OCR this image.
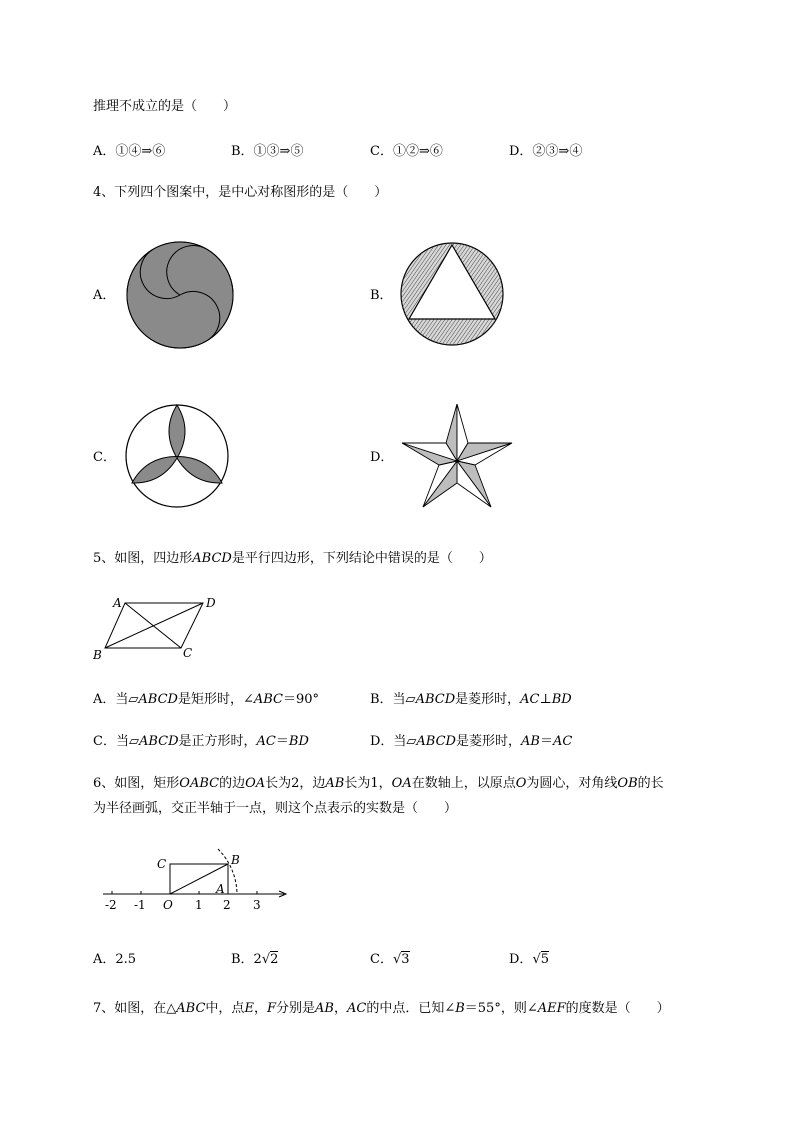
推理不成立的是（　　）
A．①④⇒⑥	B．①③⇒⑤	C．①②⇒⑥	D．②③⇒④
4、下列四个图案中，是中心对称图形的是（　　）
A．	B．
C．	D．
5、如图，四边形ABCD是平行四边形，下列结论中错误的是（　　）
A	D
B	C
A．当▱ABCD是矩形时，∠ABC＝90°	B．当▱ABCD是菱形时，AC⊥BD
C．当▱ABCD是正方形时，AC＝BD	D．当▱ABCD是菱形时，AB＝AC
6、如图，矩形OABC的边OA长为2，边AB长为1，OA在数轴上，以原点O为圆心，对角线OB的长
为半径画弧，交正半轴于一点，则这个点表示的实数是（　　）
C	B
O
A
-2 -1	1 2 3
A．2.5	B．2√2	C．√3	D．√5
7、如图，在△ABC中，点E，F分别是AB，AC的中点．已知∠B＝55°，则∠AEF的度数是（　　）
